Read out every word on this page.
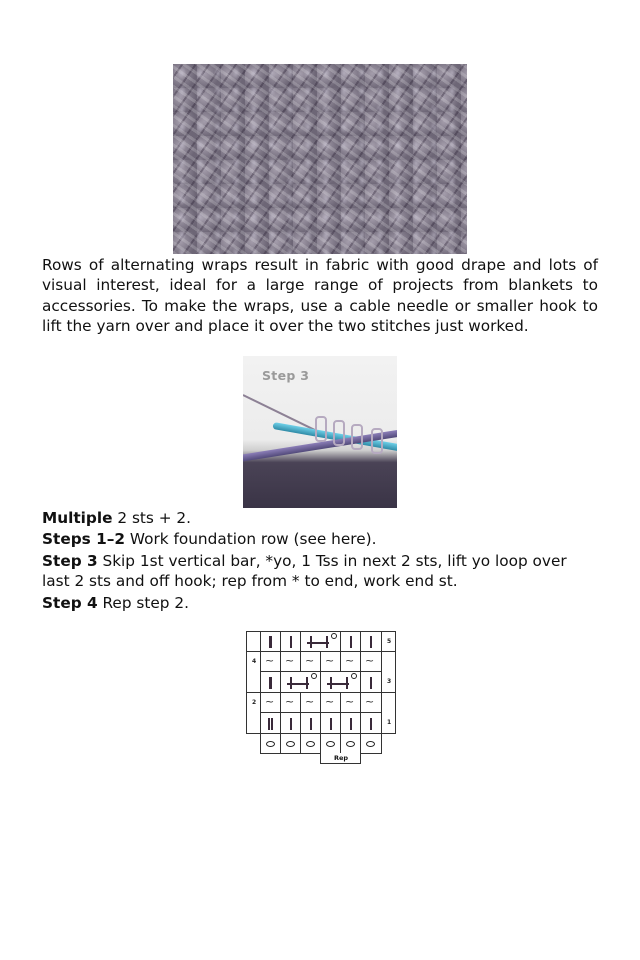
Rows of alternating wraps result in fabric with good drape and lots of visual interest, ideal for a large range of projects from blankets to accessories. To make the wraps, use a cable needle or smaller hook to lift the yarn over and place it over the two stitches just worked.

Step 3

Multiple 2 sts + 2.

Steps 1–2 Work foundation row (see here).

Step 3 Skip 1st vertical bar, *yo, 1 Tss in next 2 sts, lift yo loop over last 2 sts and off hook; rep from * to end, work end st.

Step 4 Rep step 2.

4
2
5
3
1
~ ~ ~ ~ ~ ~
~ ~ ~ ~ ~ ~
Rep
